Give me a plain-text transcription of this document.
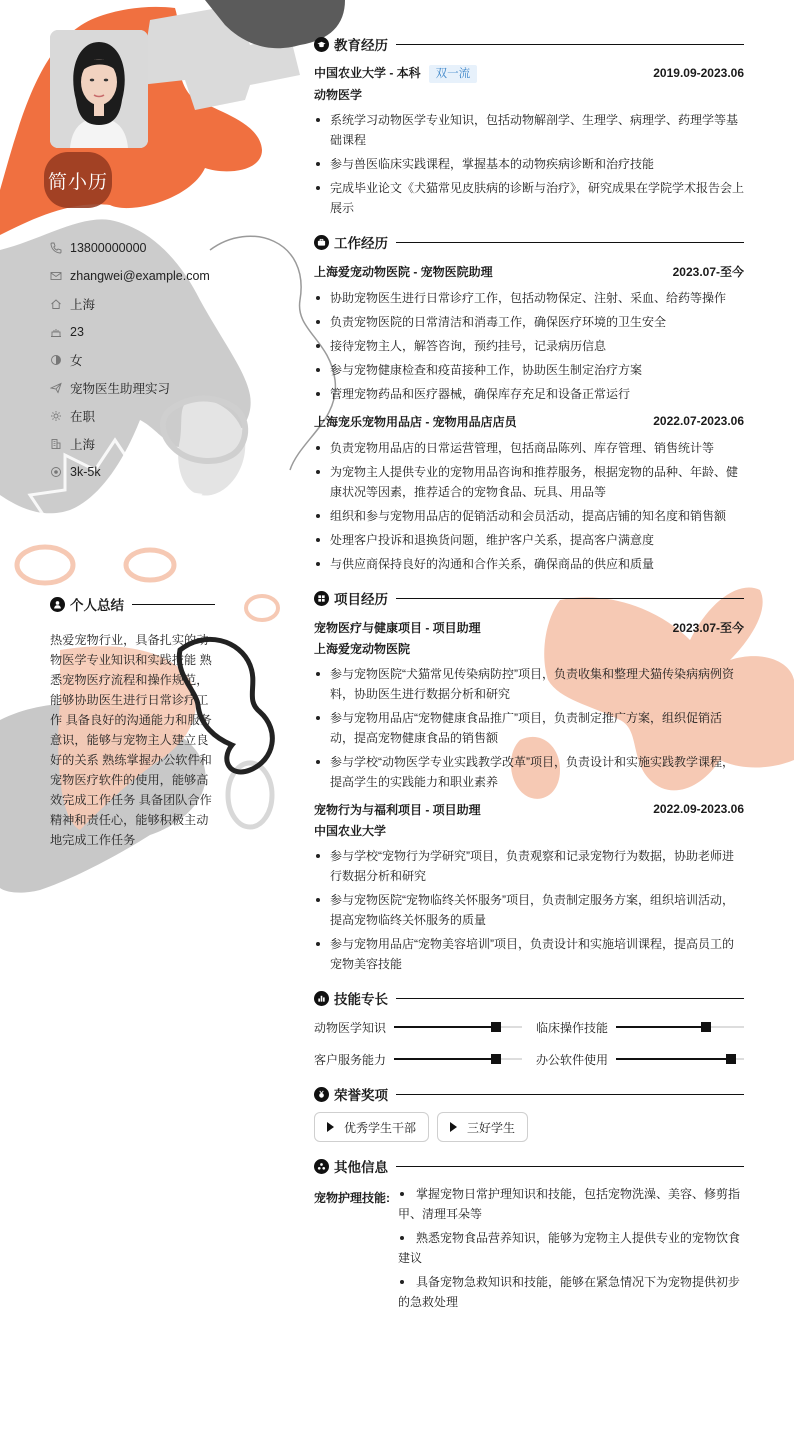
简小历
13800000000
zhangwei@example.com
上海
23
女
宠物医生助理实习
在职
上海
3k-5k
个人总结

热爱宠物行业，具备扎实的动物医学专业知识和实践技能 熟悉宠物医疗流程和操作规范，能够协助医生进行日常诊疗工作 具备良好的沟通能力和服务意识，能够与宠物主人建立良好的关系 熟练掌握办公软件和宠物医疗软件的使用，能够高效完成工作任务 具备团队合作精神和责任心，能够积极主动地完成工作任务

教育经历
中国农业大学 - 本科 双一流	2019.09-2023.06
动物医学
系统学习动物医学专业知识，包括动物解剖学、生理学、病理学、药理学等基础课程
参与兽医临床实践课程，掌握基本的动物疾病诊断和治疗技能
完成毕业论文《犬猫常见皮肤病的诊断与治疗》，研究成果在学院学术报告会上展示
工作经历
上海爱宠动物医院 - 宠物医院助理	2023.07-至今
协助宠物医生进行日常诊疗工作，包括动物保定、注射、采血、给药等操作
负责宠物医院的日常清洁和消毒工作，确保医疗环境的卫生安全
接待宠物主人，解答咨询，预约挂号，记录病历信息
参与宠物健康检查和疫苗接种工作，协助医生制定治疗方案
管理宠物药品和医疗器械，确保库存充足和设备正常运行
上海宠乐宠物用品店 - 宠物用品店店员	2022.07-2023.06
负责宠物用品店的日常运营管理，包括商品陈列、库存管理、销售统计等
为宠物主人提供专业的宠物用品咨询和推荐服务，根据宠物的品种、年龄、健康状况等因素，推荐适合的宠物食品、玩具、用品等
组织和参与宠物用品店的促销活动和会员活动，提高店铺的知名度和销售额
处理客户投诉和退换货问题，维护客户关系，提高客户满意度
与供应商保持良好的沟通和合作关系，确保商品的供应和质量
项目经历
宠物医疗与健康项目 - 项目助理	2023.07-至今
上海爱宠动物医院
参与宠物医院“犬猫常见传染病防控”项目，负责收集和整理犬猫传染病病例资料，协助医生进行数据分析和研究
参与宠物用品店“宠物健康食品推广”项目，负责制定推广方案，组织促销活动，提高宠物健康食品的销售额
参与学校“动物医学专业实践教学改革”项目，负责设计和实施实践教学课程，提高学生的实践能力和职业素养
宠物行为与福利项目 - 项目助理	2022.09-2023.06
中国农业大学
参与学校“宠物行为学研究”项目，负责观察和记录宠物行为数据，协助老师进行数据分析和研究
参与宠物医院“宠物临终关怀服务”项目，负责制定服务方案，组织培训活动，提高宠物临终关怀服务的质量
参与宠物用品店“宠物美容培训”项目，负责设计和实施培训课程，提高员工的宠物美容技能
技能专长
动物医学知识	临床操作技能
客户服务能力	办公软件使用
荣誉奖项
优秀学生干部	三好学生
其他信息
宠物护理技能:	掌握宠物日常护理知识和技能，包括宠物洗澡、美容、修剪指甲、清理耳朵等
熟悉宠物食品营养知识，能够为宠物主人提供专业的宠物饮食建议
具备宠物急救知识和技能，能够在紧急情况下为宠物提供初步的急救处理
